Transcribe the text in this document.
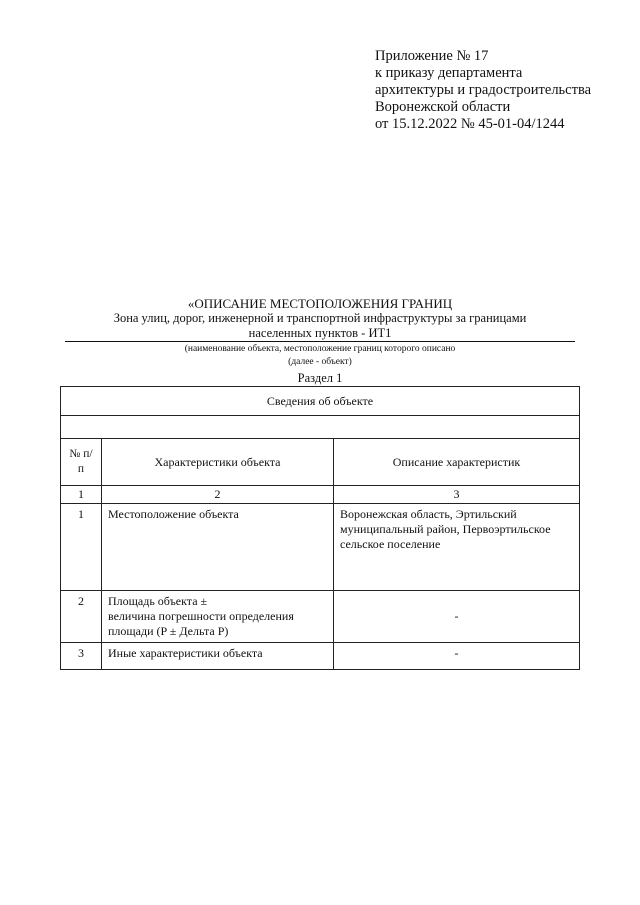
Приложение № 17
к приказу департамента
архитектуры и градостроительства
Воронежской области
от 15.12.2022 № 45-01-04/1244
«ОПИСАНИЕ МЕСТОПОЛОЖЕНИЯ ГРАНИЦ
Зона улиц, дорог, инженерной и транспортной инфраструктуры за границами
населенных пунктов - ИТ1
(наименование объекта, местоположение границ которого описано
(далее - объект)
Раздел 1
Сведения об объекте		

№ п/п	Характеристики объекта	Описание характеристик
1	2	3
1	Местоположение объекта	Воронежская область, Эртильский муниципальный район, Первоэртильское сельское поселение
2	Площадь объекта ±
величина погрешности определения
площади (P ± Дельта P)	-
3	Иные характеристики объекта	-
